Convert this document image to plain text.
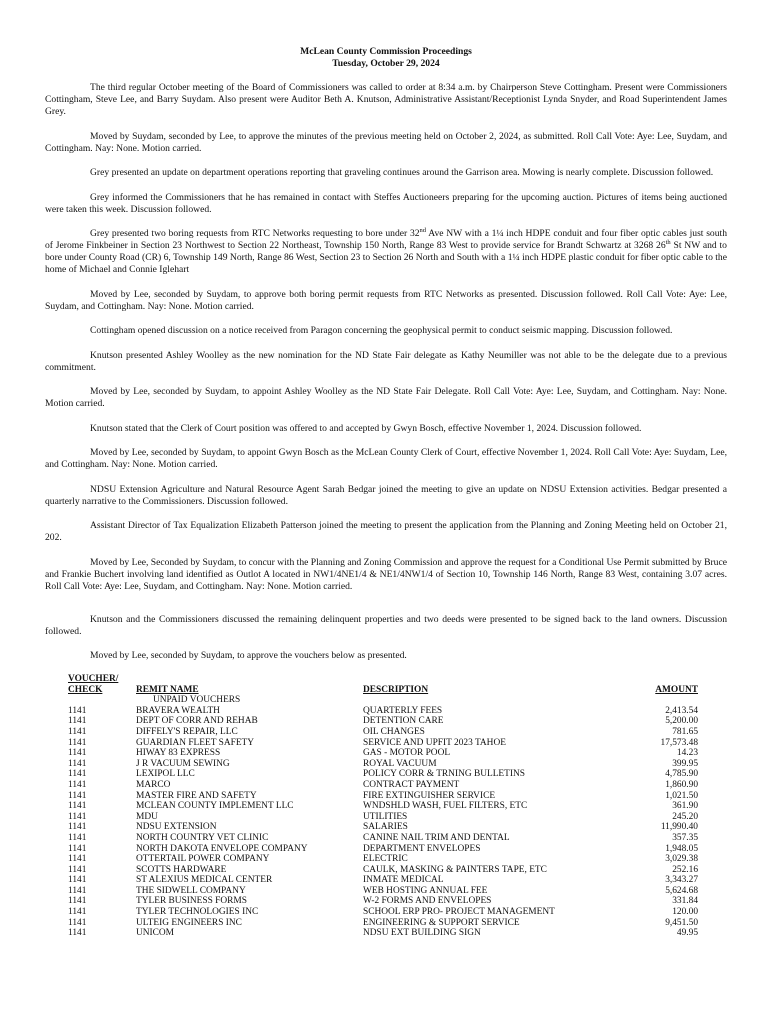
McLean County Commission Proceedings
Tuesday, October 29, 2024
The third regular October meeting of the Board of Commissioners was called to order at 8:34 a.m. by Chairperson Steve Cottingham. Present were Commissioners Cottingham, Steve Lee, and Barry Suydam. Also present were Auditor Beth A. Knutson, Administrative Assistant/Receptionist Lynda Snyder, and Road Superintendent James Grey.
Moved by Suydam, seconded by Lee, to approve the minutes of the previous meeting held on October 2, 2024, as submitted. Roll Call Vote: Aye: Lee, Suydam, and Cottingham. Nay: None. Motion carried.
Grey presented an update on department operations reporting that graveling continues around the Garrison area. Mowing is nearly complete. Discussion followed.
Grey informed the Commissioners that he has remained in contact with Steffes Auctioneers preparing for the upcoming auction. Pictures of items being auctioned were taken this week. Discussion followed.
Grey presented two boring requests from RTC Networks requesting to bore under 32nd Ave NW with a 1¼ inch HDPE conduit and four fiber optic cables just south of Jerome Finkbeiner in Section 23 Northwest to Section 22 Northeast, Township 150 North, Range 83 West to provide service for Brandt Schwartz at 3268 26th St NW and to bore under County Road (CR) 6, Township 149 North, Range 86 West, Section 23 to Section 26 North and South with a 1¼ inch HDPE plastic conduit for fiber optic cable to the home of Michael and Connie Iglehart
Moved by Lee, seconded by Suydam, to approve both boring permit requests from RTC Networks as presented. Discussion followed. Roll Call Vote: Aye: Lee, Suydam, and Cottingham. Nay: None. Motion carried.
Cottingham opened discussion on a notice received from Paragon concerning the geophysical permit to conduct seismic mapping. Discussion followed.
Knutson presented Ashley Woolley as the new nomination for the ND State Fair delegate as Kathy Neumiller was not able to be the delegate due to a previous commitment.
Moved by Lee, seconded by Suydam, to appoint Ashley Woolley as the ND State Fair Delegate. Roll Call Vote: Aye: Lee, Suydam, and Cottingham. Nay: None. Motion carried.
Knutson stated that the Clerk of Court position was offered to and accepted by Gwyn Bosch, effective November 1, 2024. Discussion followed.
Moved by Lee, seconded by Suydam, to appoint Gwyn Bosch as the McLean County Clerk of Court, effective November 1, 2024. Roll Call Vote: Aye: Suydam, Lee, and Cottingham. Nay: None. Motion carried.
NDSU Extension Agriculture and Natural Resource Agent Sarah Bedgar joined the meeting to give an update on NDSU Extension activities. Bedgar presented a quarterly narrative to the Commissioners. Discussion followed.
Assistant Director of Tax Equalization Elizabeth Patterson joined the meeting to present the application from the Planning and Zoning Meeting held on October 21, 202.
Moved by Lee, Seconded by Suydam, to concur with the Planning and Zoning Commission and approve the request for a Conditional Use Permit submitted by Bruce and Frankie Buchert involving land identified as Outlot A located in NW1/4NE1/4 & NE1/4NW1/4 of Section 10, Township 146 North, Range 83 West, containing 3.07 acres. Roll Call Vote: Aye: Lee, Suydam, and Cottingham. Nay: None. Motion carried.
Knutson and the Commissioners discussed the remaining delinquent properties and two deeds were presented to be signed back to the land owners. Discussion followed.
Moved by Lee, seconded by Suydam, to approve the vouchers below as presented.
VOUCHER/
CHECK	REMIT NAME	DESCRIPTION	AMOUNT
	UNPAID VOUCHERS		
1141	BRAVERA WEALTH	QUARTERLY FEES	2,413.54
1141	DEPT OF CORR AND REHAB	DETENTION CARE	5,200.00
1141	DIFFELY'S REPAIR, LLC	OIL CHANGES	781.65
1141	GUARDIAN FLEET SAFETY	SERVICE AND UPFIT 2023 TAHOE	17,573.48
1141	HIWAY 83 EXPRESS	GAS - MOTOR POOL	14.23
1141	J R VACUUM SEWING	ROYAL VACUUM	399.95
1141	LEXIPOL LLC	POLICY CORR & TRNING BULLETINS	4,785.90
1141	MARCO	CONTRACT PAYMENT	1,860.90
1141	MASTER FIRE AND SAFETY	FIRE EXTINGUISHER SERVICE	1,021.50
1141	MCLEAN COUNTY IMPLEMENT LLC	WNDSHLD WASH, FUEL FILTERS, ETC	361.90
1141	MDU	UTILITIES	245.20
1141	NDSU EXTENSION	SALARIES	11,990.40
1141	NORTH COUNTRY VET CLINIC	CANINE NAIL TRIM AND DENTAL	357.35
1141	NORTH DAKOTA ENVELOPE COMPANY	DEPARTMENT ENVELOPES	1,948.05
1141	OTTERTAIL POWER COMPANY	ELECTRIC	3,029.38
1141	SCOTTS HARDWARE	CAULK, MASKING & PAINTERS TAPE, ETC	252.16
1141	ST ALEXIUS MEDICAL CENTER	INMATE MEDICAL	3,343.27
1141	THE SIDWELL COMPANY	WEB HOSTING ANNUAL FEE	5,624.68
1141	TYLER BUSINESS FORMS	W-2 FORMS AND ENVELOPES	331.84
1141	TYLER TECHNOLOGIES INC	SCHOOL ERP PRO- PROJECT MANAGEMENT	120.00
1141	ULTEIG ENGINEERS INC	ENGINEERING & SUPPORT SERVICE	9,451.50
1141	UNICOM	NDSU EXT BUILDING SIGN	49.95
